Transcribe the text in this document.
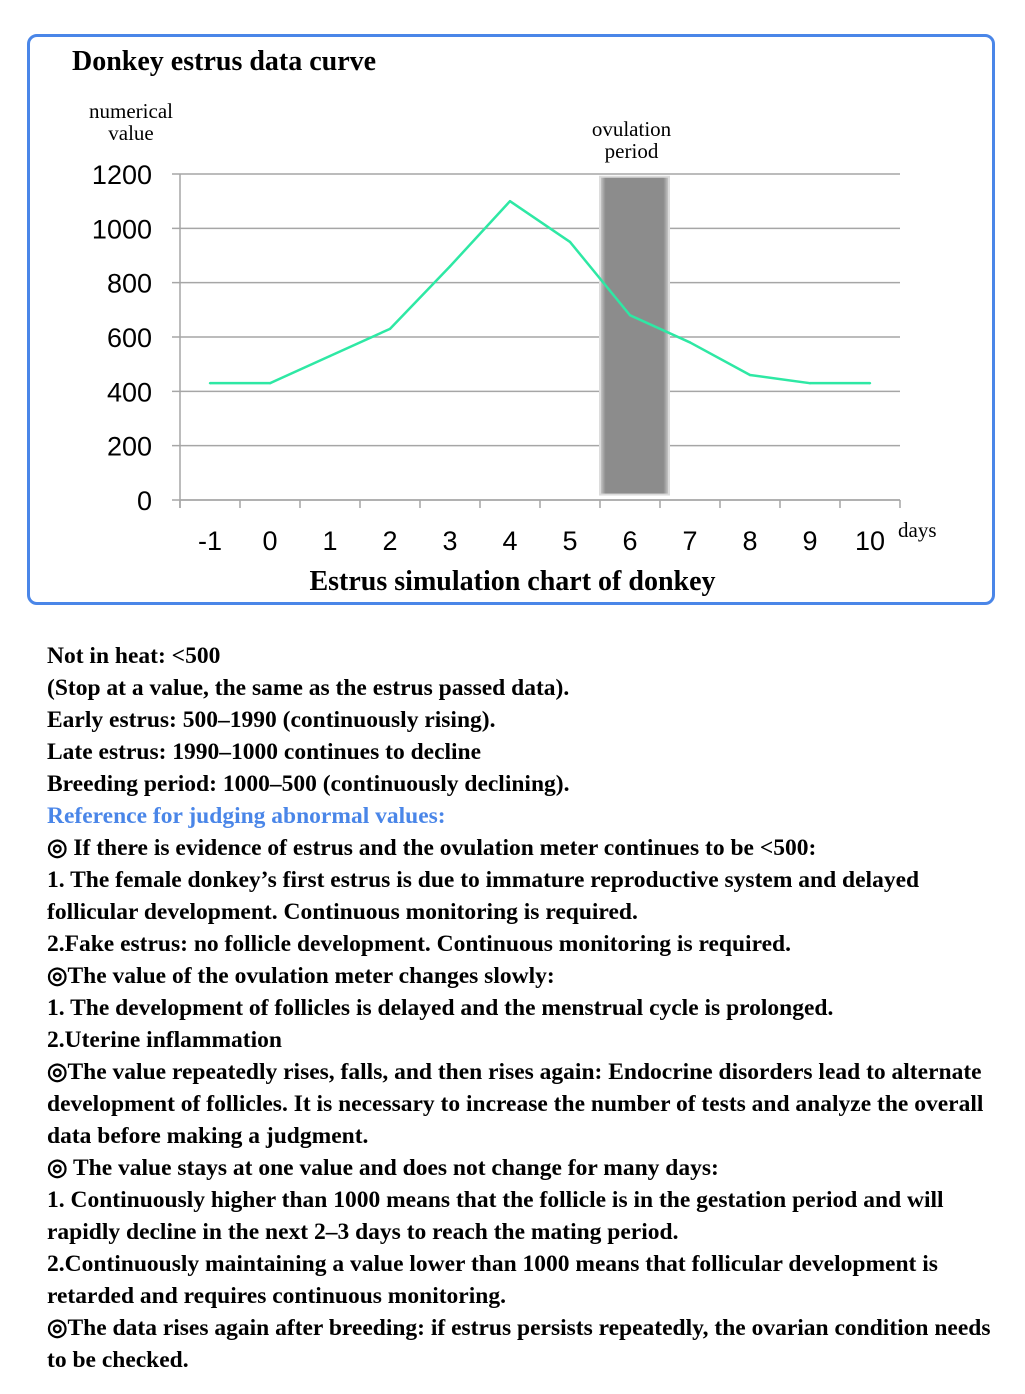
0
200
400
600
800
1000
1200
-1 0 1 2 3 4 5 6 7 8 9 10
Donkey estrus data curve
numerical value	ovulation period
days
Estrus simulation chart of donkey
Not in heat: <500
(Stop at a value, the same as the estrus passed data).
Early estrus: 500–1990 (continuously rising).
Late estrus: 1990–1000 continues to decline
Breeding period: 1000–500 (continuously declining).
Reference for judging abnormal values:
◎ If there is evidence of estrus and the ovulation meter continues to be <500:
1. The female donkey’s first estrus is due to immature reproductive system and delayed follicular development. Continuous monitoring is required.
2.Fake estrus: no follicle development. Continuous monitoring is required.
◎The value of the ovulation meter changes slowly:
1. The development of follicles is delayed and the menstrual cycle is prolonged.
2.Uterine inflammation
◎The value repeatedly rises, falls, and then rises again: Endocrine disorders lead to alternate development of follicles. It is necessary to increase the number of tests and analyze the overall data before making a judgment.
◎ The value stays at one value and does not change for many days:
1. Continuously higher than 1000 means that the follicle is in the gestation period and will rapidly decline in the next 2–3 days to reach the mating period.
2.Continuously maintaining a value lower than 1000 means that follicular development is retarded and requires continuous monitoring.
◎The data rises again after breeding: if estrus persists repeatedly, the ovarian condition needs to be checked.
